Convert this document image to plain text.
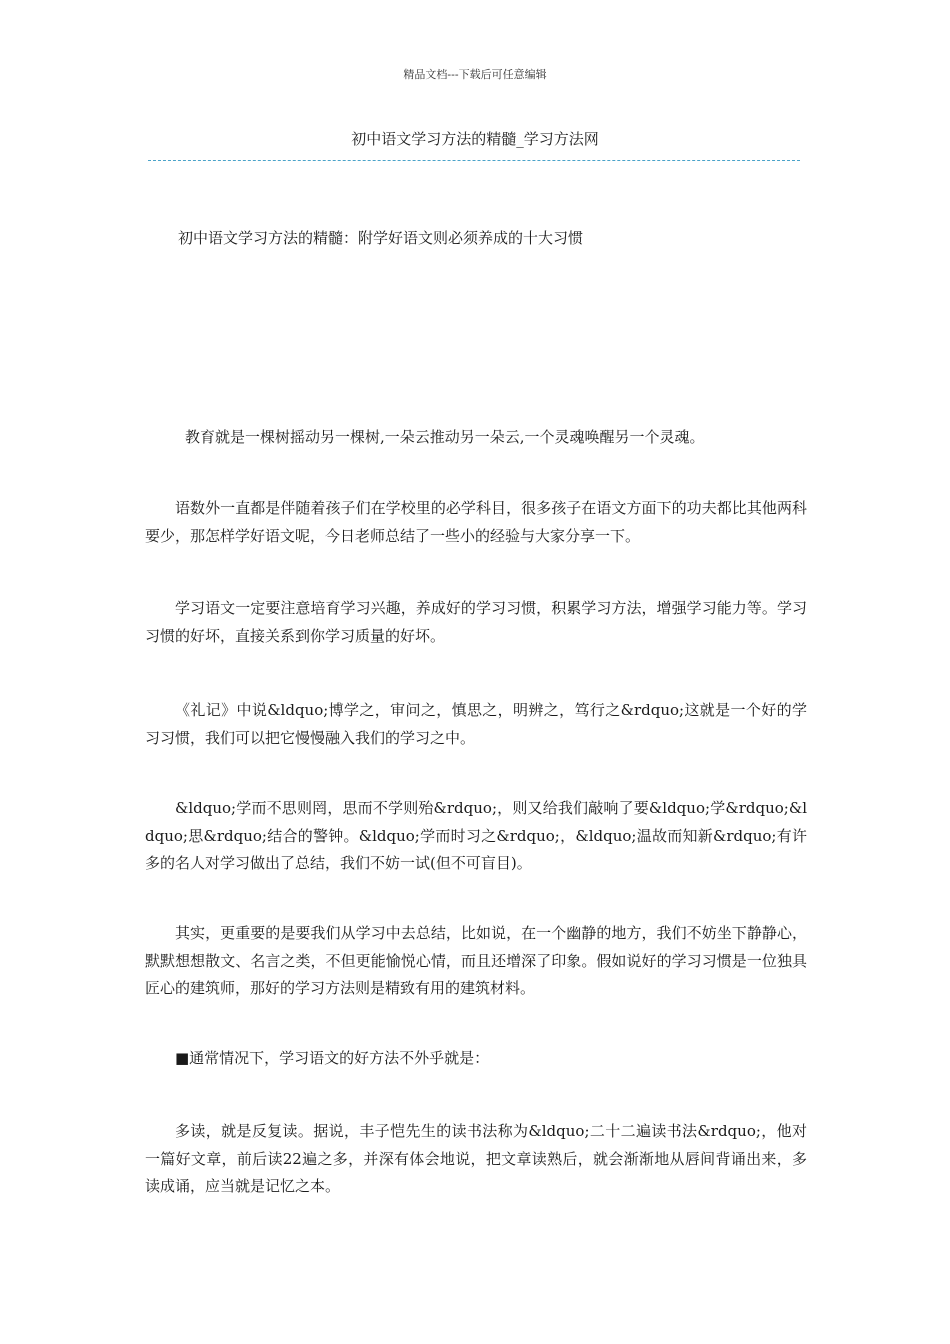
精品文档---下载后可任意编辑
初中语文学习方法的精髓_学习方法网
初中语文学习方法的精髓：附学好语文则必须养成的十大习惯
教育就是一棵树摇动另一棵树,一朵云推动另一朵云,一个灵魂唤醒另一个灵魂。
语数外一直都是伴随着孩子们在学校里的必学科目，很多孩子在语文方面下的功夫都比其他两科要少，那怎样学好语文呢，今日老师总结了一些小的经验与大家分享一下。
学习语文一定要注意培育学习兴趣，养成好的学习习惯，积累学习方法，增强学习能力等。学习习惯的好坏，直接关系到你学习质量的好坏。
《礼记》中说&ldquo;博学之，审问之，慎思之，明辨之，笃行之&rdquo;这就是一个好的学习习惯，我们可以把它慢慢融入我们的学习之中。
&ldquo;学而不思则罔，思而不学则殆&rdquo;，则又给我们敲响了要&ldquo;学&rdquo;&ldquo;思&rdquo;结合的警钟。&ldquo;学而时习之&rdquo;，&ldquo;温故而知新&rdquo;有许多的名人对学习做出了总结，我们不妨一试(但不可盲目)。
其实，更重要的是要我们从学习中去总结，比如说，在一个幽静的地方，我们不妨坐下静静心，默默想想散文、名言之类，不但更能愉悦心情，而且还增深了印象。假如说好的学习习惯是一位独具匠心的建筑师，那好的学习方法则是精致有用的建筑材料。
■通常情况下，学习语文的好方法不外乎就是：
多读，就是反复读。据说，丰子恺先生的读书法称为&ldquo;二十二遍读书法&rdquo;，他对一篇好文章，前后读22遍之多，并深有体会地说，把文章读熟后，就会渐渐地从唇间背诵出来，多读成诵，应当就是记忆之本。
